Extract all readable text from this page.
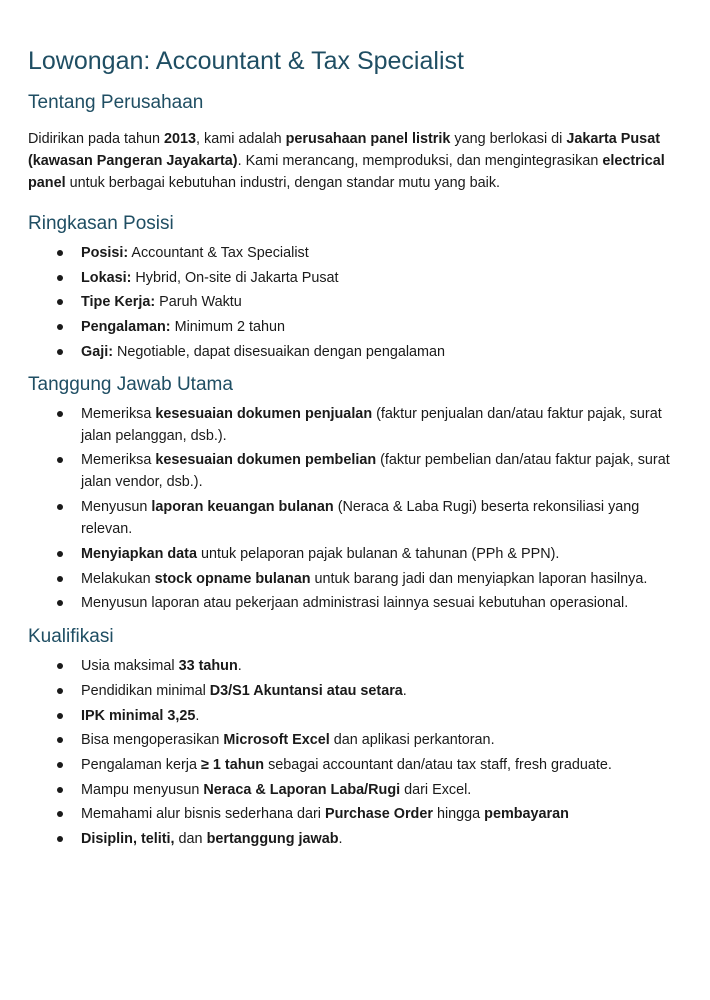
Lowongan: Accountant & Tax Specialist
Tentang Perusahaan

Didirikan pada tahun 2013, kami adalah perusahaan panel listrik yang berlokasi di Jakarta Pusat (kawasan Pangeran Jayakarta). Kami merancang, memproduksi, dan mengintegrasikan electrical panel untuk berbagai kebutuhan industri, dengan standar mutu yang baik.

Ringkasan Posisi
Posisi: Accountant & Tax Specialist
Lokasi: Hybrid, On-site di Jakarta Pusat
Tipe Kerja: Paruh Waktu
Pengalaman: Minimum 2 tahun
Gaji: Negotiable, dapat disesuaikan dengan pengalaman
Tanggung Jawab Utama
Memeriksa kesesuaian dokumen penjualan (faktur penjualan dan/atau faktur pajak, surat jalan pelanggan, dsb.).
Memeriksa kesesuaian dokumen pembelian (faktur pembelian dan/atau faktur pajak, surat jalan vendor, dsb.).
Menyusun laporan keuangan bulanan (Neraca & Laba Rugi) beserta rekonsiliasi yang relevan.
Menyiapkan data untuk pelaporan pajak bulanan & tahunan (PPh & PPN).
Melakukan stock opname bulanan untuk barang jadi dan menyiapkan laporan hasilnya.
Menyusun laporan atau pekerjaan administrasi lainnya sesuai kebutuhan operasional.
Kualifikasi
Usia maksimal 33 tahun.
Pendidikan minimal D3/S1 Akuntansi atau setara.
IPK minimal 3,25.
Bisa mengoperasikan Microsoft Excel dan aplikasi perkantoran.
Pengalaman kerja ≥ 1 tahun sebagai accountant dan/atau tax staff, fresh graduate.
Mampu menyusun Neraca & Laporan Laba/Rugi dari Excel.
Memahami alur bisnis sederhana dari Purchase Order hingga pembayaran
Disiplin, teliti, dan bertanggung jawab.
